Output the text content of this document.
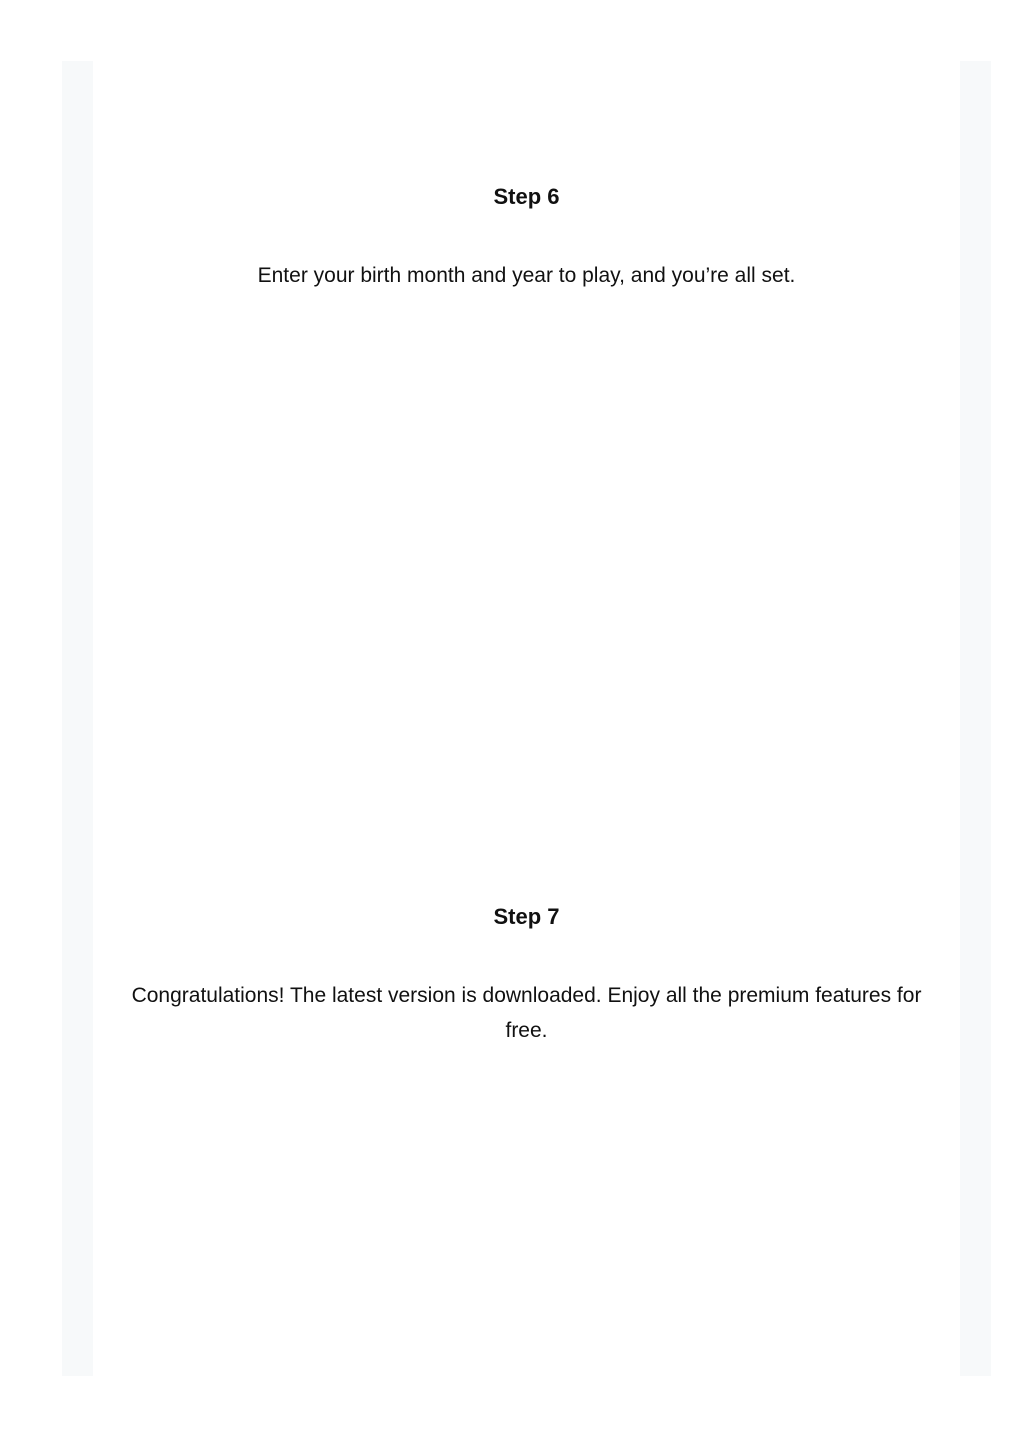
Step 6

Enter your birth month and year to play, and you’re all set.

Step 7

Congratulations! The latest version is downloaded. Enjoy all the premium features for free.
